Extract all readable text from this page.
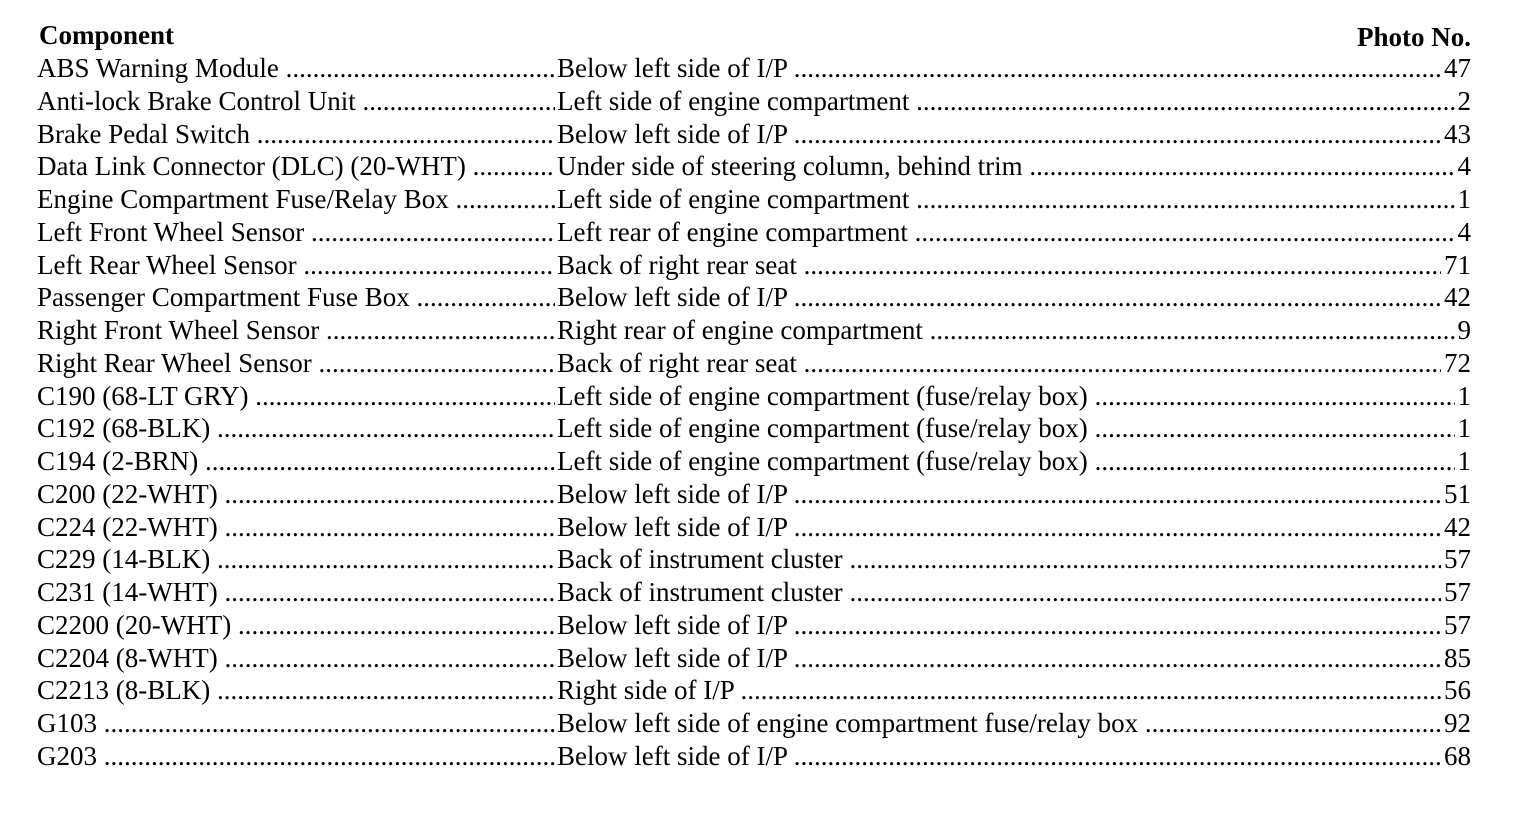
Component	Photo No.
ABS Warning Module .....	Below left side of I/P .....	47
Anti-lock Brake Control Unit .....	Left side of engine compartment .....	2
Brake Pedal Switch .....	Below left side of I/P .....	43
Data Link Connector (DLC) (20-WHT) .....	Under side of steering column, behind trim .....	4
Engine Compartment Fuse/Relay Box .....	Left side of engine compartment .....	1
Left Front Wheel Sensor .....	Left rear of engine compartment .....	4
Left Rear Wheel Sensor .....	Back of right rear seat .....	71
Passenger Compartment Fuse Box .....	Below left side of I/P .....	42
Right Front Wheel Sensor .....	Right rear of engine compartment .....	9
Right Rear Wheel Sensor .....	Back of right rear seat .....	72
C190 (68-LT GRY) .....	Left side of engine compartment (fuse/relay box) .....	1
C192 (68-BLK) .....	Left side of engine compartment (fuse/relay box) .....	1
C194 (2-BRN) .....	Left side of engine compartment (fuse/relay box) .....	1
C200 (22-WHT) .....	Below left side of I/P .....	51
C224 (22-WHT) .....	Below left side of I/P .....	42
C229 (14-BLK) .....	Back of instrument cluster .....	57
C231 (14-WHT) .....	Back of instrument cluster .....	57
C2200 (20-WHT) .....	Below left side of I/P .....	57
C2204 (8-WHT) .....	Below left side of I/P .....	85
C2213 (8-BLK) .....	Right side of I/P .....	56
G103 .....	Below left side of engine compartment fuse/relay box .....	92
G203 .....	Below left side of I/P .....	68
